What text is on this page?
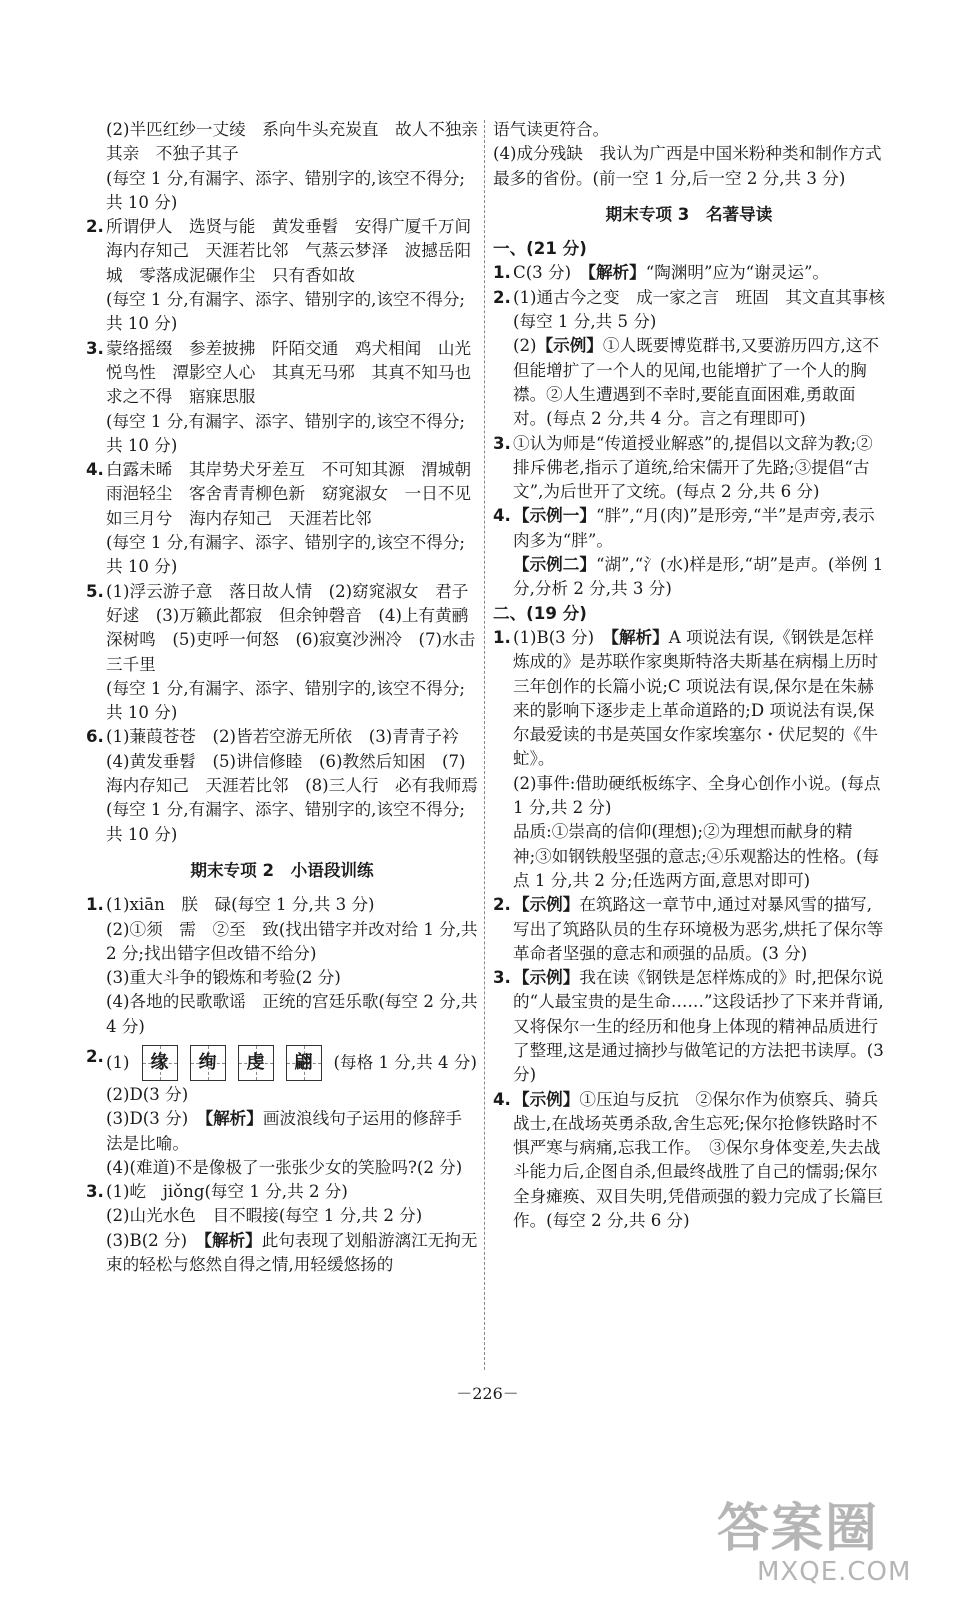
(2)半匹红纱一丈绫　系向牛头充炭直　故人不独亲其亲　不独子其子
(每空 1 分,有漏字、添字、错别字的,该空不得分;共 10 分)
2. 所谓伊人　选贤与能　黄发垂髫　安得广厦千万间　海内存知己　天涯若比邻　气蒸云梦泽　波撼岳阳城　零落成泥碾作尘　只有香如故
(每空 1 分,有漏字、添字、错别字的,该空不得分;共 10 分)
3. 蒙络摇缀　参差披拂　阡陌交通　鸡犬相闻　山光悦鸟性　潭影空人心　其真无马邪　其真不知马也　求之不得　寤寐思服
(每空 1 分,有漏字、添字、错别字的,该空不得分;共 10 分)
4. 白露未晞　其岸势犬牙差互　不可知其源　渭城朝雨浥轻尘　客舍青青柳色新　窈窕淑女　一日不见　如三月兮　海内存知己　天涯若比邻
(每空 1 分,有漏字、添字、错别字的,该空不得分;共 10 分)
5. (1)浮云游子意　落日故人情　(2)窈窕淑女　君子好逑　(3)万籁此都寂　但余钟磬音　(4)上有黄鹂深树鸣　(5)吏呼一何怒　(6)寂寞沙洲冷　(7)水击三千里
(每空 1 分,有漏字、添字、错别字的,该空不得分;共 10 分)
6. (1)蒹葭苍苍　(2)皆若空游无所依　(3)青青子衿　(4)黄发垂髫　(5)讲信修睦　(6)教然后知困　(7)海内存知己　天涯若比邻　(8)三人行　必有我师焉
(每空 1 分,有漏字、添字、错别字的,该空不得分;共 10 分)
期末专项 2　小语段训练
1. (1)xiān　朕　碌(每空 1 分,共 3 分)
(2)①须　需　②至　致(找出错字并改对给 1 分,共 2 分;找出错字但改错不给分)
(3)重大斗争的锻炼和考验(2 分)
(4)各地的民歌歌谣　正统的宫廷乐歌(每空 2 分,共 4 分)
2. (1) 缘 绚 虔 翩 (每格 1 分,共 4 分)
(2)D(3 分)
(3)D(3 分)　【解析】画波浪线句子运用的修辞手法是比喻。
(4)(难道)不是像极了一张张少女的笑脸吗?(2 分)
3. (1)屹　jiǒng(每空 1 分,共 2 分)
(2)山光水色　目不暇接(每空 1 分,共 2 分)
(3)B(2 分)　【解析】此句表现了划船游漓江无拘无束的轻松与悠然自得之情,用轻缓悠扬的
语气读更符合。
(4)成分残缺　我认为广西是中国米粉种类和制作方式最多的省份。(前一空 1 分,后一空 2 分,共 3 分)
期末专项 3　名著导读
一、(21 分)
1. C(3 分)　【解析】“陶渊明”应为“谢灵运”。
2. (1)通古今之变　成一家之言　班固　其文直其事核(每空 1 分,共 5 分)
(2)【示例】①人既要博览群书,又要游历四方,这不但能增扩了一个人的见闻,也能增扩了一个人的胸襟。②人生遭遇到不幸时,要能直面困难,勇敢面对。(每点 2 分,共 4 分。言之有理即可)
3. ①认为师是“传道授业解惑”的,提倡以文辞为教;②排斥佛老,指示了道统,给宋儒开了先路;③提倡“古文”,为后世开了文统。(每点 2 分,共 6 分)
4. 【示例一】“胖”,“月(肉)”是形旁,“半”是声旁,表示肉多为“胖”。
【示例二】“湖”,“氵(水)样是形,“胡”是声。(举例 1 分,分析 2 分,共 3 分)
二、(19 分)
1. (1)B(3 分)　【解析】A 项说法有误,《钢铁是怎样炼成的》是苏联作家奥斯特洛夫斯基在病榻上历时三年创作的长篇小说;C 项说法有误,保尔是在朱赫来的影响下逐步走上革命道路的;D 项说法有误,保尔最爱读的书是英国女作家埃塞尔・伏尼契的《牛虻》。
(2)事件:借助硬纸板练字、全身心创作小说。(每点 1 分,共 2 分)
品质:①崇高的信仰(理想);②为理想而献身的精神;③如钢铁般坚强的意志;④乐观豁达的性格。(每点 1 分,共 2 分;任选两方面,意思对即可)
2. 【示例】在筑路这一章节中,通过对暴风雪的描写,写出了筑路队员的生存环境极为恶劣,烘托了保尔等革命者坚强的意志和顽强的品质。(3 分)
3. 【示例】我在读《钢铁是怎样炼成的》时,把保尔说的“人最宝贵的是生命……”这段话抄了下来并背诵,又将保尔一生的经历和他身上体现的精神品质进行了整理,这是通过摘抄与做笔记的方法把书读厚。(3 分)
4. 【示例】①压迫与反抗　②保尔作为侦察兵、骑兵战士,在战场英勇杀敌,舍生忘死;保尔抢修铁路时不惧严寒与病痛,忘我工作。　③保尔身体变差,失去战斗能力后,企图自杀,但最终战胜了自己的懦弱;保尔全身瘫痪、双目失明,凭借顽强的毅力完成了长篇巨作。(每空 2 分,共 6 分)
－226－
答案圈
MXQE.COM
